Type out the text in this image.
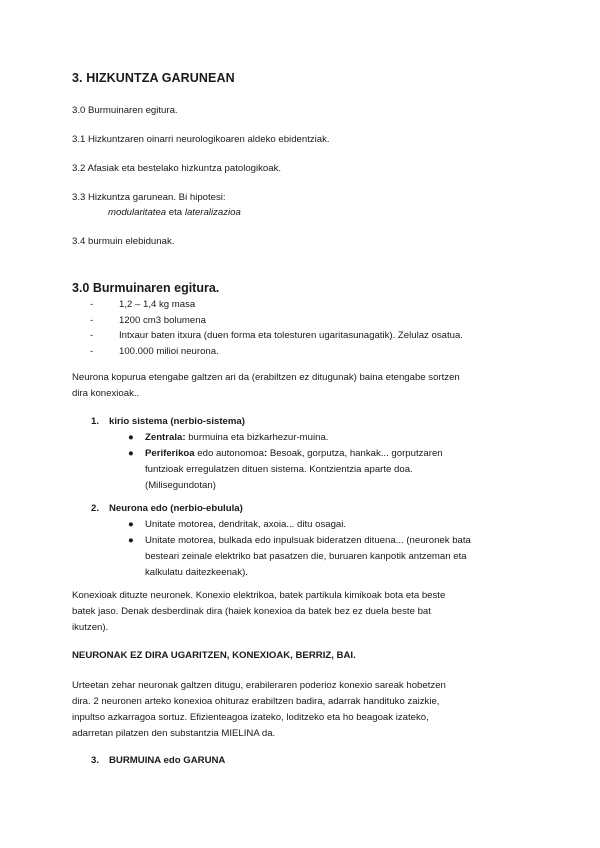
3. HIZKUNTZA GARUNEAN
3.0 Burmuinaren egitura.
3.1 Hizkuntzaren oinarri neurologikoaren aldeko ebidentziak.
3.2 Afasiak eta bestelako hizkuntza patologikoak.
3.3 Hizkuntza garunean. Bi hipotesi:
modularitatea eta lateralizazioa
3.4 burmuin elebidunak.
3.0 Burmuinaren egitura.
- 1,2 – 1,4 kg masa
- 1200 cm3 bolumena
- Intxaur baten itxura (duen forma eta tolesturen ugaritasunagatik). Zelulaz osatua.
- 100.000 milioi neurona.
Neurona kopurua etengabe galtzen ari da (erabiltzen ez ditugunak) baina etengabe sortzen
dira konexioak..
1. kirio sistema (nerbio-sistema)
● Zentrala: burmuina eta bizkarhezur-muina.
● Periferikoa edo autonomoa: Besoak, gorputza, hankak... gorputzaren
funtzioak erregulatzen dituen sistema. Kontzientzia aparte doa.
(Milisegundotan)
2. Neurona edo (nerbio-ebulula)
● Unitate motorea, dendritak, axoia... ditu osagai.
● Unitate motorea, bulkada edo inpulsuak bideratzen dituena... (neuronek bata
besteari zeinale elektriko bat pasatzen die, buruaren kanpotik antzeman eta
kalkulatu daitezkeenak).
Konexioak dituzte neuronek. Konexio elektrikoa, batek partikula kimikoak bota eta beste
batek jaso. Denak desberdinak dira (haiek konexioa da batek bez ez duela beste bat
ikutzen).
NEURONAK EZ DIRA UGARITZEN, KONEXIOAK, BERRIZ, BAI.
Urteetan zehar neuronak galtzen ditugu, erabileraren poderioz konexio sareak hobetzen
dira. 2 neuronen arteko konexioa ohituraz erabiltzen badira, adarrak handituko zaizkie,
inpultso azkarragoa sortuz. Efizienteagoa izateko, loditzeko eta ho beagoak izateko,
adarretan pilatzen den substantzia MIELINA da.
3. BURMUINA edo GARUNA
